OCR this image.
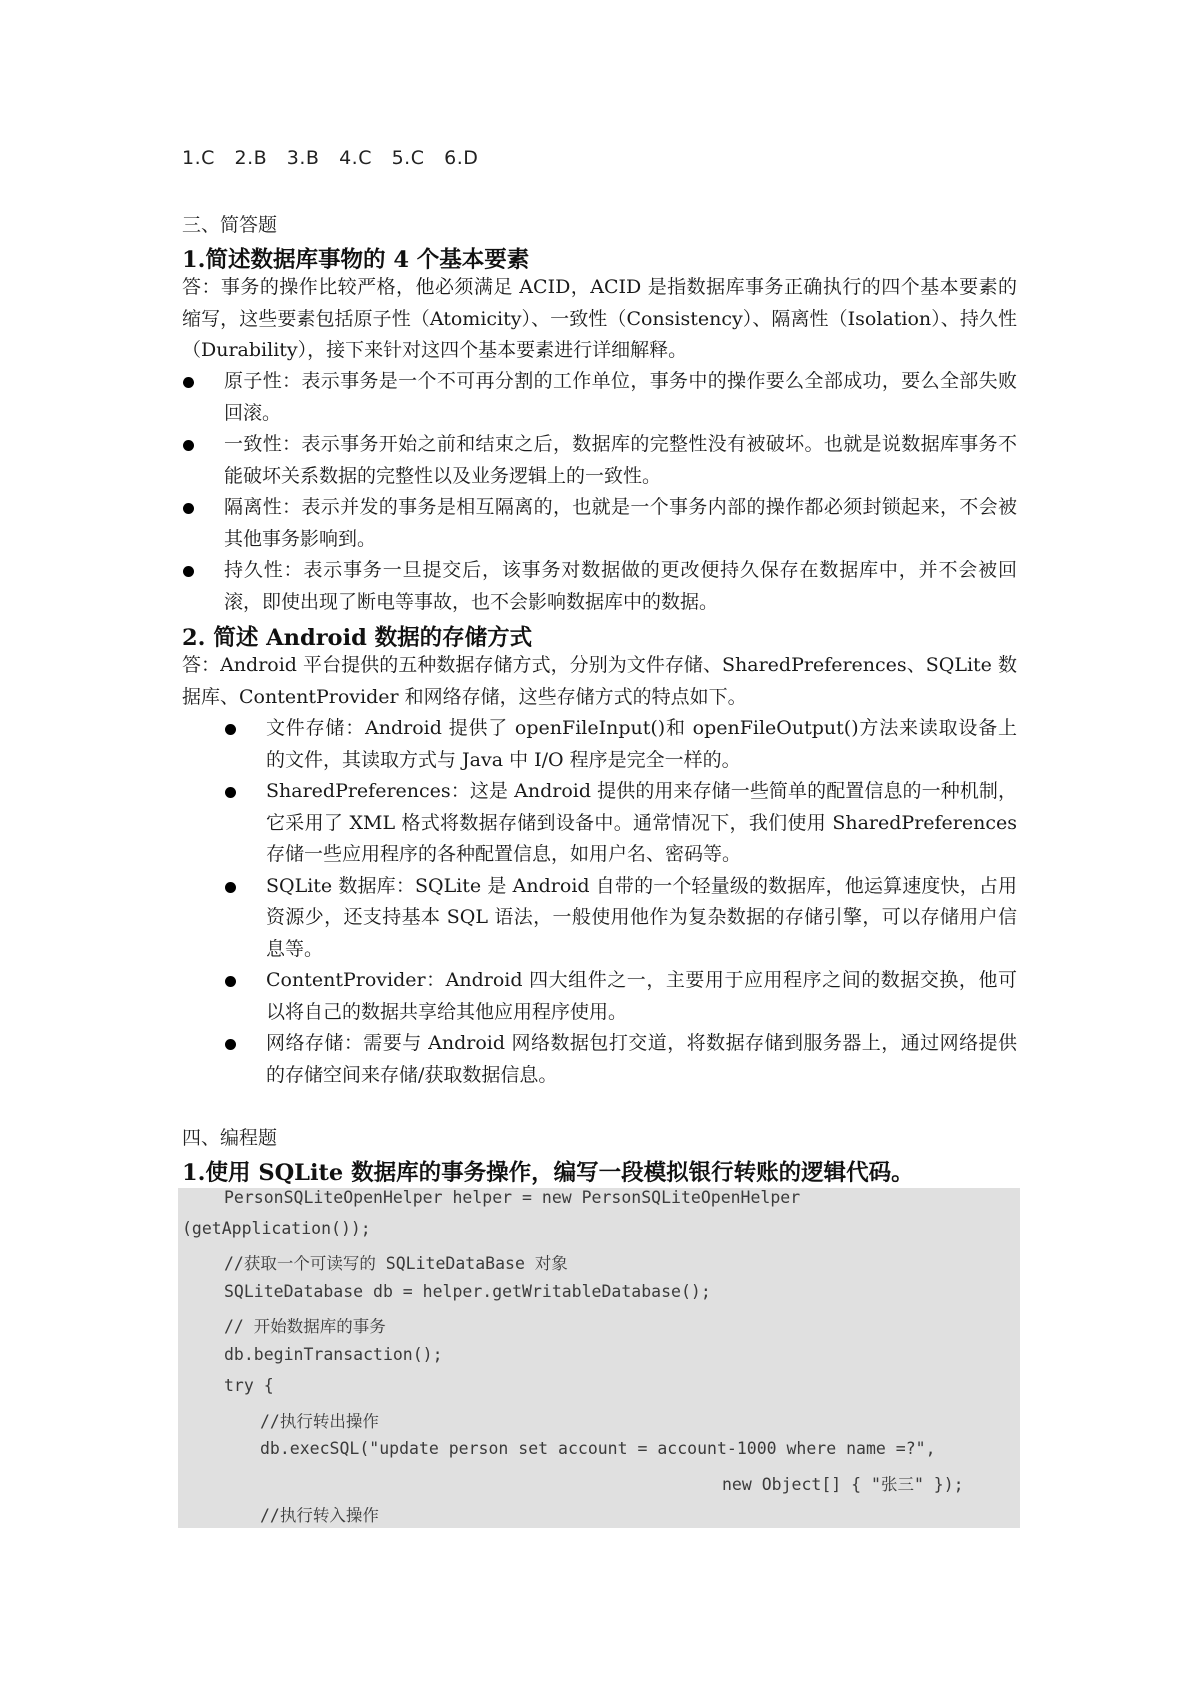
1.C   2.B   3.B   4.C   5.C   6.D
三、简答题
1.简述数据库事物的 4 个基本要素
答：事务的操作比较严格，他必须满足 ACID，ACID 是指数据库事务正确执行的四个基本要素的缩写，这些要素包括原子性（Atomicity）、一致性（Consistency）、隔离性（Isolation）、持久性（Durability），接下来针对这四个基本要素进行详细解释。
原子性：表示事务是一个不可再分割的工作单位，事务中的操作要么全部成功，要么全部失败回滚。
一致性：表示事务开始之前和结束之后，数据库的完整性没有被破坏。也就是说数据库事务不能破坏关系数据的完整性以及业务逻辑上的一致性。
隔离性：表示并发的事务是相互隔离的，也就是一个事务内部的操作都必须封锁起来，不会被其他事务影响到。
持久性：表示事务一旦提交后，该事务对数据做的更改便持久保存在数据库中，并不会被回滚，即使出现了断电等事故，也不会影响数据库中的数据。
2. 简述 Android 数据的存储方式
答：Android 平台提供的五种数据存储方式，分别为文件存储、SharedPreferences、SQLite 数据库、ContentProvider 和网络存储，这些存储方式的特点如下。
文件存储：Android 提供了 openFileInput()和 openFileOutput()方法来读取设备上的文件，其读取方式与 Java 中 I/O 程序是完全一样的。
SharedPreferences：这是 Android 提供的用来存储一些简单的配置信息的一种机制，它采用了 XML 格式将数据存储到设备中。通常情况下，我们使用 SharedPreferences 存储一些应用程序的各种配置信息，如用户名、密码等。
SQLite 数据库：SQLite 是 Android 自带的一个轻量级的数据库，他运算速度快，占用资源少，还支持基本 SQL 语法，一般使用他作为复杂数据的存储引擎，可以存储用户信息等。
ContentProvider：Android 四大组件之一，主要用于应用程序之间的数据交换，他可以将自己的数据共享给其他应用程序使用。
网络存储：需要与 Android 网络数据包打交道，将数据存储到服务器上，通过网络提供的存储空间来存储/获取数据信息。
四、编程题
1.使用 SQLite 数据库的事务操作，编写一段模拟银行转账的逻辑代码。
PersonSQLiteOpenHelper helper = new PersonSQLiteOpenHelper
(getApplication());
//获取一个可读写的 SQLiteDataBase 对象
SQLiteDatabase db = helper.getWritableDatabase();
// 开始数据库的事务
db.beginTransaction();
try {
//执行转出操作
db.execSQL("update person set account = account-1000 where name =?",
new Object[] { "张三" });
//执行转入操作
